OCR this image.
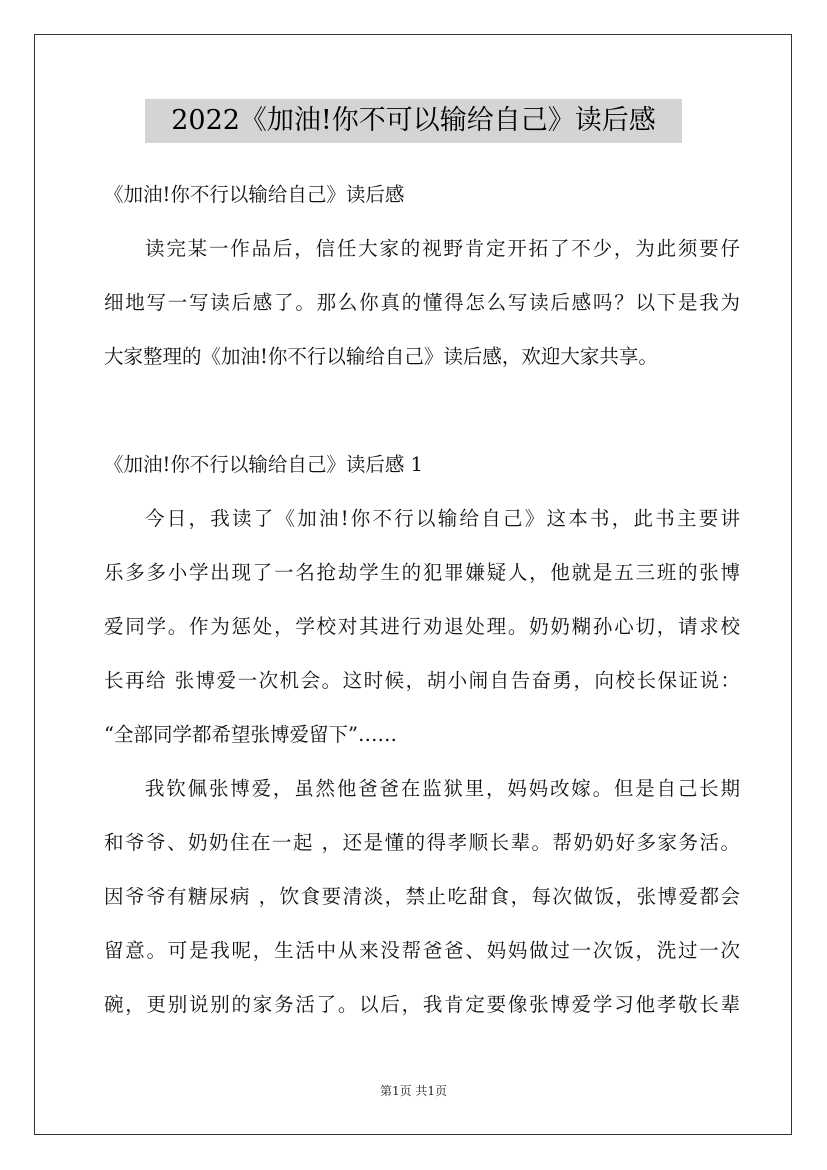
2022《加油!你不可以输给自己》读后感
《加油!你不行以输给自己》读后感
读完某一作品后，信任大家的视野肯定开拓了不少，为此须要仔
细地写一写读后感了。那么你真的懂得怎么写读后感吗？以下是我为
大家整理的《加油!你不行以输给自己》读后感，欢迎大家共享。
《加油!你不行以输给自己》读后感 1
今日，我读了《加油!你不行以输给自己》这本书，此书主要讲
乐多多小学出现了一名抢劫学生的犯罪嫌疑人，他就是五三班的张博
爱同学。作为惩处，学校对其进行劝退处理。奶奶糊孙心切，请求校
长再给 张博爱一次机会。这时候，胡小闹自告奋勇，向校长保证说：
“全部同学都希望张博爱留下”……
我钦佩张博爱，虽然他爸爸在监狱里，妈妈改嫁。但是自己长期
和爷爷、奶奶住在一起 ，还是懂的得孝顺长辈。帮奶奶好多家务活。
因爷爷有糖尿病 ，饮食要清淡，禁止吃甜食，每次做饭，张博爱都会
留意。可是我呢，生活中从来没帮爸爸、妈妈做过一次饭，洗过一次
碗，更别说别的家务活了。以后，我肯定要像张博爱学习他孝敬长辈
第1页 共1页
